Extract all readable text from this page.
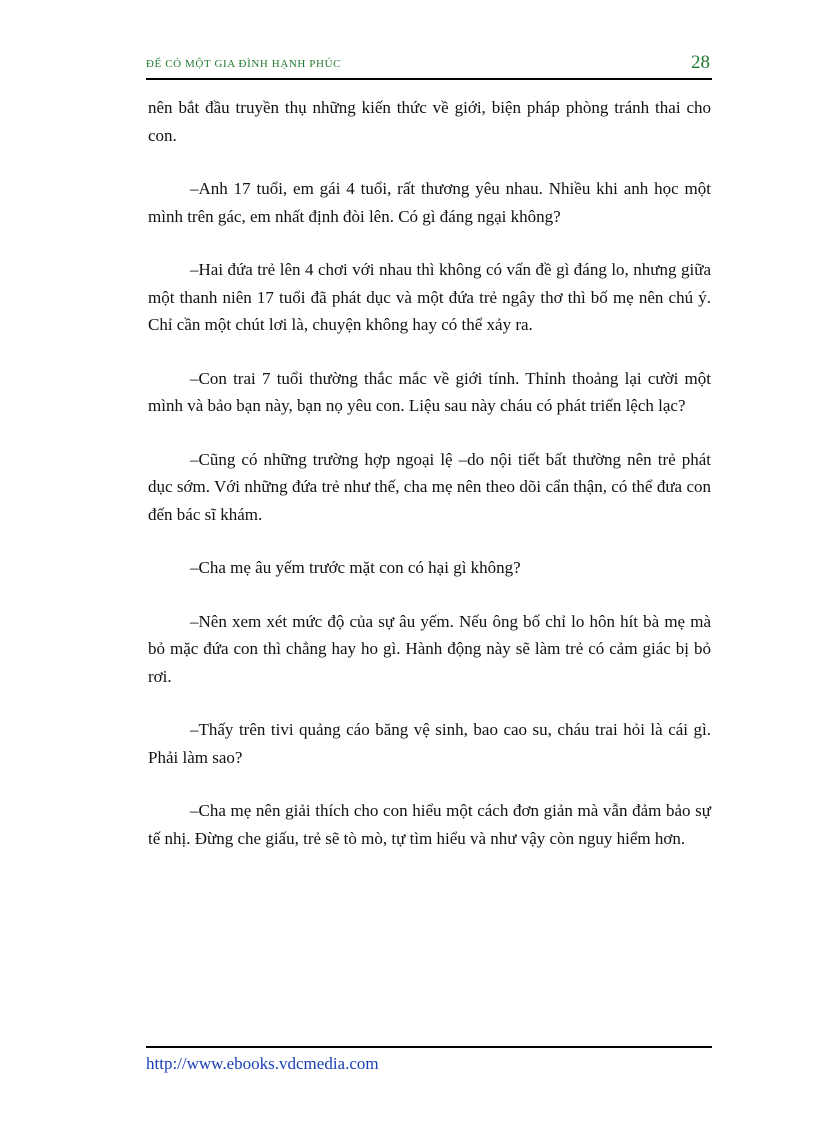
ĐỂ CÓ MỘT GIA ĐÌNH HẠNH PHÚC	28

nên bắt đầu truyền thụ những kiến thức về giới, biện pháp phòng tránh thai cho con.

–Anh 17 tuổi, em gái 4 tuổi, rất thương yêu nhau. Nhiều khi anh học một mình trên gác, em nhất định đòi lên. Có gì đáng ngại không?

–Hai đứa trẻ lên 4 chơi với nhau thì không có vấn đề gì đáng lo, nhưng giữa một thanh niên 17 tuổi đã phát dục và một đứa trẻ ngây thơ thì bố mẹ nên chú ý. Chỉ cần một chút lơi là, chuyện không hay có thể xảy ra.

–Con trai 7 tuổi thường thắc mắc về giới tính. Thỉnh thoảng lại cười một mình và bảo bạn này, bạn nọ yêu con. Liệu sau này cháu có phát triển lệch lạc?

–Cũng có những trường hợp ngoại lệ –do nội tiết bất thường nên trẻ phát dục sớm. Với những đứa trẻ như thế, cha mẹ nên theo dõi cẩn thận, có thể đưa con đến bác sĩ khám.

–Cha mẹ âu yếm trước mặt con có hại gì không?

–Nên xem xét mức độ của sự âu yếm. Nếu ông bố chỉ lo hôn hít bà mẹ mà bỏ mặc đứa con thì chẳng hay ho gì. Hành động này sẽ làm trẻ có cảm giác bị bỏ rơi.

–Thấy trên tivi quảng cáo băng vệ sinh, bao cao su, cháu trai hỏi là cái gì. Phải làm sao?

–Cha mẹ nên giải thích cho con hiểu một cách đơn giản mà vẫn đảm bảo sự tế nhị. Đừng che giấu, trẻ sẽ tò mò, tự tìm hiểu và như vậy còn nguy hiểm hơn.

http://www.ebooks.vdcmedia.com
